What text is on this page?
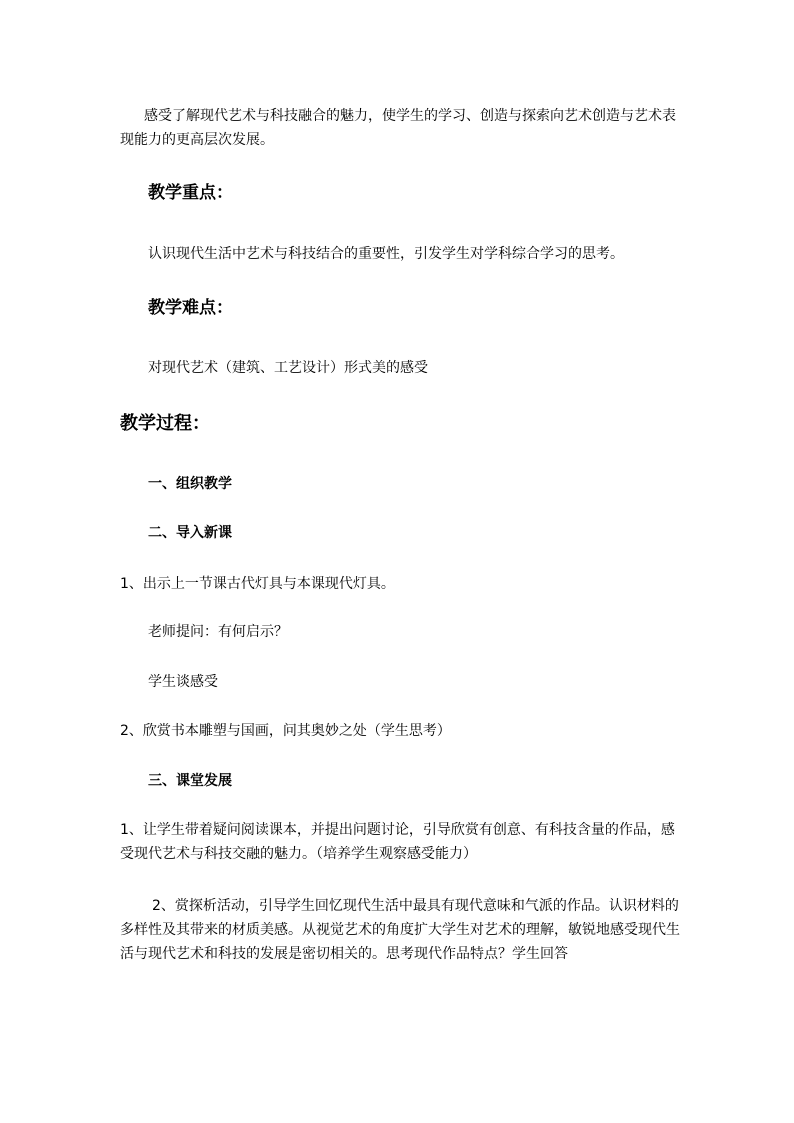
感受了解现代艺术与科技融合的魅力，使学生的学习、创造与探索向艺术创造与艺术表现能力的更高层次发展。
教学重点：
认识现代生活中艺术与科技结合的重要性，引发学生对学科综合学习的思考。
教学难点：
对现代艺术（建筑、工艺设计）形式美的感受
教学过程：
一、组织教学
二、导入新课
1、出示上一节课古代灯具与本课现代灯具。
老师提问：有何启示？
学生谈感受
2、欣赏书本雕塑与国画，问其奥妙之处（学生思考）
三、课堂发展
1、让学生带着疑问阅读课本，并提出问题讨论，引导欣赏有创意、有科技含量的作品，感受现代艺术与科技交融的魅力。（培养学生观察感受能力）
2、赏探析活动，引导学生回忆现代生活中最具有现代意味和气派的作品。认识材料的多样性及其带来的材质美感。从视觉艺术的角度扩大学生对艺术的理解，敏锐地感受现代生活与现代艺术和科技的发展是密切相关的。思考现代作品特点？学生回答
